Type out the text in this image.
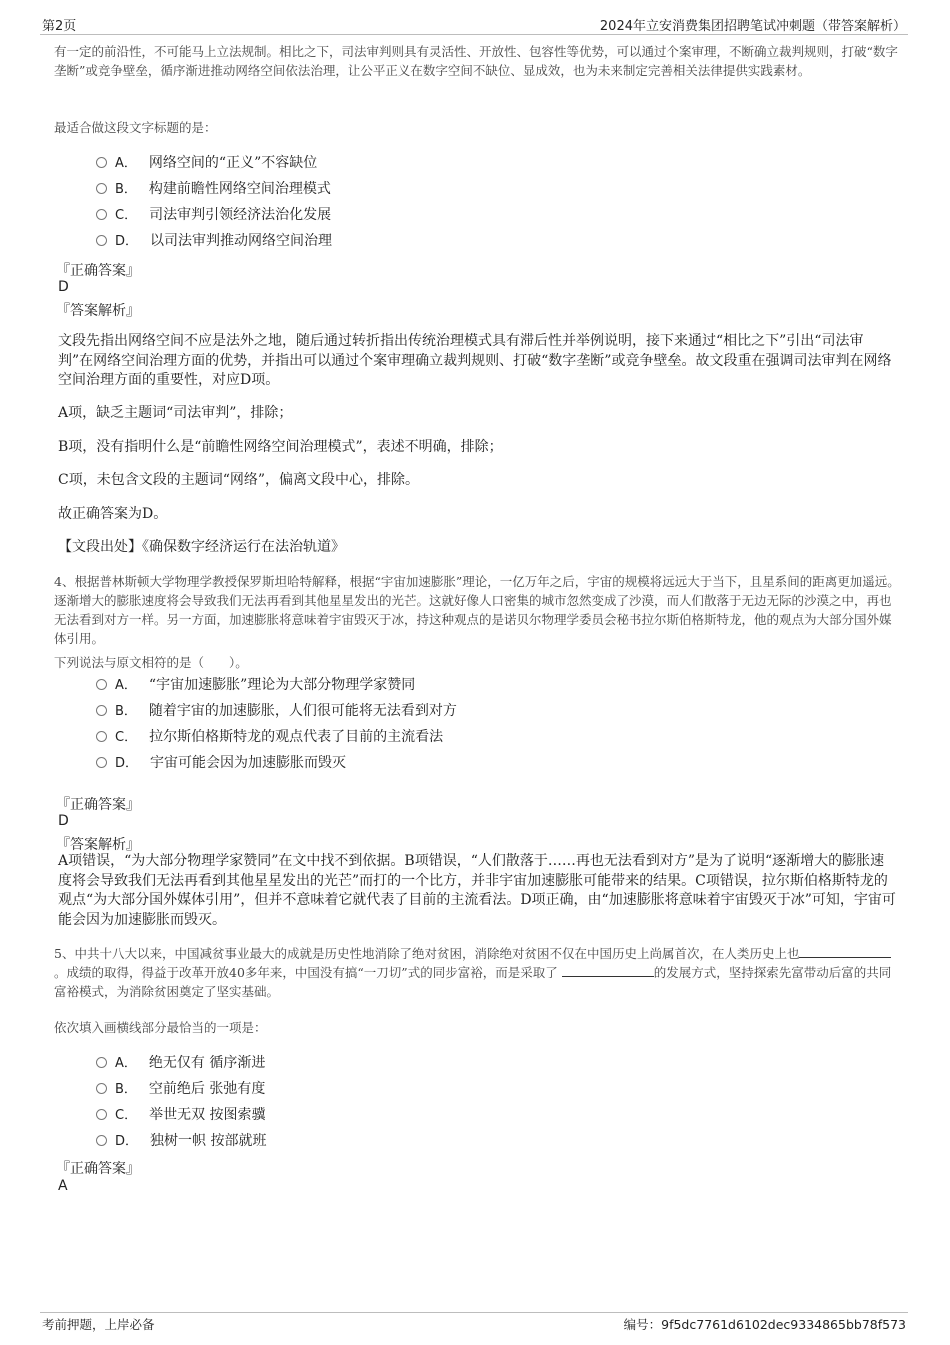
第2页	2024年立安消费集团招聘笔试冲刺题（带答案解析）
有一定的前沿性，不可能马上立法规制。相比之下，司法审判则具有灵活性、开放性、包容性等优势，可以通过个案审理，不断确立裁判规则，打破“数字垄断”或竞争壁垒，循序渐进推动网络空间依法治理，让公平正义在数字空间不缺位、显成效，也为未来制定完善相关法律提供实践素材。
最适合做这段文字标题的是：
A． 网络空间的“正义”不容缺位
B． 构建前瞻性网络空间治理模式
C． 司法审判引领经济法治化发展
D． 以司法审判推动网络空间治理
『正确答案』
D
『答案解析』
文段先指出网络空间不应是法外之地，随后通过转折指出传统治理模式具有滞后性并举例说明，接下来通过“相比之下”引出“司法审判”在网络空间治理方面的优势，并指出可以通过个案审理确立裁判规则、打破“数字垄断”或竞争壁垒。故文段重在强调司法审判在网络空间治理方面的重要性，对应D项。
A项，缺乏主题词“司法审判”，排除；
B项，没有指明什么是“前瞻性网络空间治理模式”，表述不明确，排除；
C项，未包含文段的主题词“网络”，偏离文段中心，排除。
故正确答案为D。
【文段出处】《确保数字经济运行在法治轨道》
4、根据普林斯顿大学物理学教授保罗斯坦哈特解释，根据“宇宙加速膨胀”理论，一亿万年之后，宇宙的规模将远远大于当下，且星系间的距离更加遥远。逐渐增大的膨胀速度将会导致我们无法再看到其他星星发出的光芒。这就好像人口密集的城市忽然变成了沙漠，而人们散落于无边无际的沙漠之中，再也无法看到对方一样。另一方面，加速膨胀将意味着宇宙毁灭于冰，持这种观点的是诺贝尔物理学委员会秘书拉尔斯伯格斯特龙，他的观点为大部分国外媒体引用。
下列说法与原文相符的是（　　）。
A． “宇宙加速膨胀”理论为大部分物理学家赞同
B． 随着宇宙的加速膨胀，人们很可能将无法看到对方
C． 拉尔斯伯格斯特龙的观点代表了目前的主流看法
D． 宇宙可能会因为加速膨胀而毁灭
『正确答案』
D
『答案解析』
A项错误，“为大部分物理学家赞同”在文中找不到依据。B项错误，“人们散落于……再也无法看到对方”是为了说明“逐渐增大的膨胀速度将会导致我们无法再看到其他星星发出的光芒”而打的一个比方，并非宇宙加速膨胀可能带来的结果。C项错误，拉尔斯伯格斯特龙的观点“为大部分国外媒体引用”，但并不意味着它就代表了目前的主流看法。D项正确，由“加速膨胀将意味着宇宙毁灭于冰”可知，宇宙可能会因为加速膨胀而毁灭。
5、中共十八大以来，中国减贫事业最大的成就是历史性地消除了绝对贫困，消除绝对贫困不仅在中国历史上尚属首次，在人类历史上也。成绩的取得，得益于改革开放40多年来，中国没有搞“一刀切”式的同步富裕，而是采取了	的发展方式，坚持探索先富带动后富的共同富裕模式，为消除贫困奠定了坚实基础。
依次填入画横线部分最恰当的一项是：
A． 绝无仅有 循序渐进
B． 空前绝后 张弛有度
C． 举世无双 按图索骥
D． 独树一帜 按部就班
『正确答案』
A
考前押题，上岸必备	编号：9f5dc7761d6102dec9334865bb78f573
